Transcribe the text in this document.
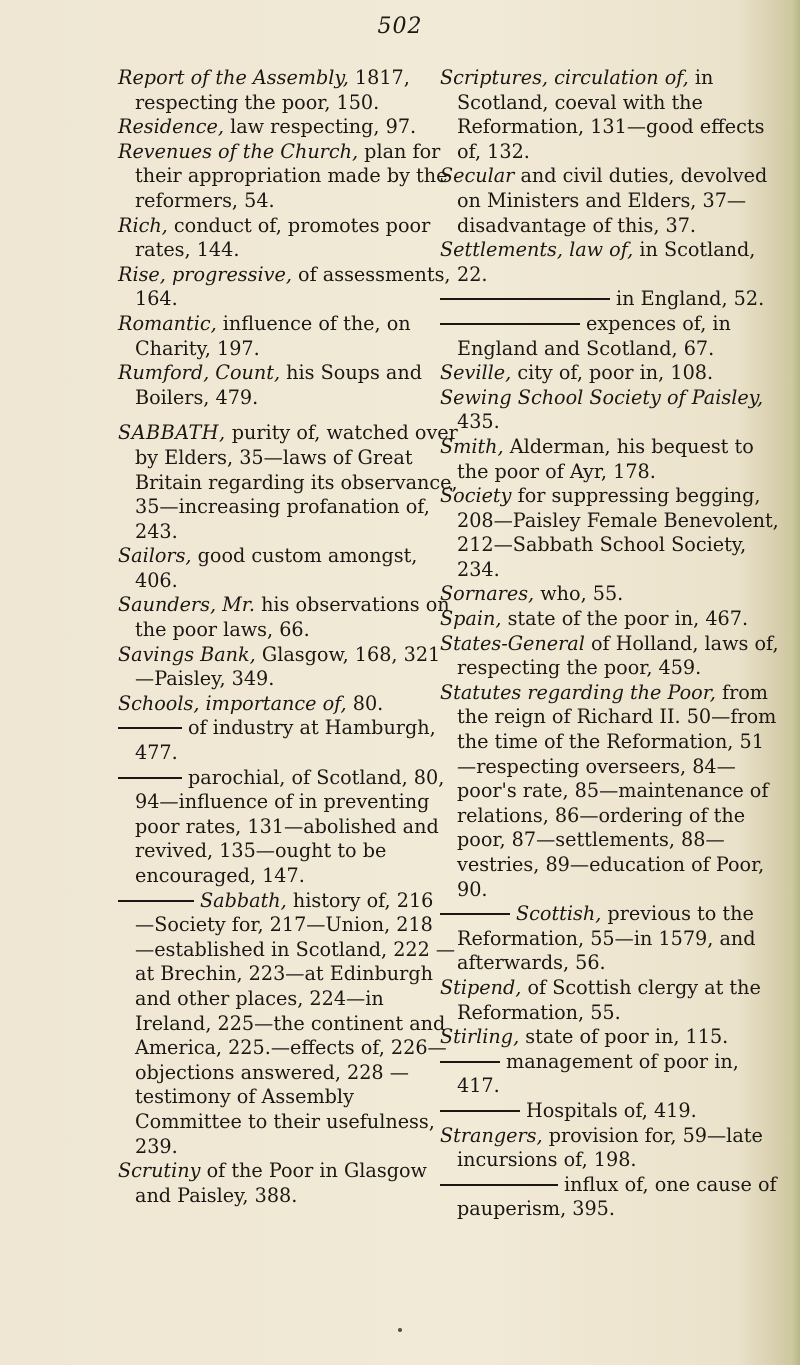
502

Report of the Assembly, 1817, respecting the poor, 150.

Residence, law respecting, 97.

Revenues of the Church, plan for their appropriation made by the reformers, 54.

Rich, conduct of, promotes poor rates, 144.

Rise, progressive, of assessments, 164.

Romantic, influence of the, on Charity, 197.

Rumford, Count, his Soups and Boilers, 479.

SABBATH, purity of, watched over by Elders, 35—laws of Great Britain regarding its observance, 35—increasing profanation of, 243.

Sailors, good custom amongst, 406.

Saunders, Mr. his observations on the poor laws, 66.

Savings Bank, Glasgow, 168, 321 —Paisley, 349.

Schools, importance of, 80.

of industry at Hamburgh, 477.

parochial, of Scotland, 80, 94—influence of in preventing poor rates, 131—abolished and revived, 135—ought to be encouraged, 147.

Sabbath, history of, 216 —Society for, 217—Union, 218 —established in Scotland, 222 —at Brechin, 223—at Edinburgh and other places, 224—in Ireland, 225—the continent and America, 225.—effects of, 226—objections answered, 228 —testimony of Assembly Committee to their usefulness, 239.

Scrutiny of the Poor in Glasgow and Paisley, 388.

Scriptures, circulation of, in Scotland, coeval with the Reformation, 131—good effects of, 132.

Secular and civil duties, devolved on Ministers and Elders, 37—disadvantage of this, 37.

Settlements, law of, in Scotland, 22.

in England, 52.

expences of, in England and Scotland, 67.

Seville, city of, poor in, 108.

Sewing School Society of Paisley, 435.

Smith, Alderman, his bequest to the poor of Ayr, 178.

Society for suppressing begging, 208—Paisley Female Benevolent, 212—Sabbath School Society, 234.

Sornares, who, 55.

Spain, state of the poor in, 467.

States-General of Holland, laws of, respecting the poor, 459.

Statutes regarding the Poor, from the reign of Richard II. 50—from the time of the Reformation, 51—respecting overseers, 84—poor's rate, 85—maintenance of relations, 86—ordering of the poor, 87—settlements, 88—vestries, 89—education of Poor, 90.

Scottish, previous to the Reformation, 55—in 1579, and afterwards, 56.

Stipend, of Scottish clergy at the Reformation, 55.

Stirling, state of poor in, 115.

management of poor in, 417.

Hospitals of, 419.

Strangers, provision for, 59—late incursions of, 198.

influx of, one cause of pauperism, 395.
